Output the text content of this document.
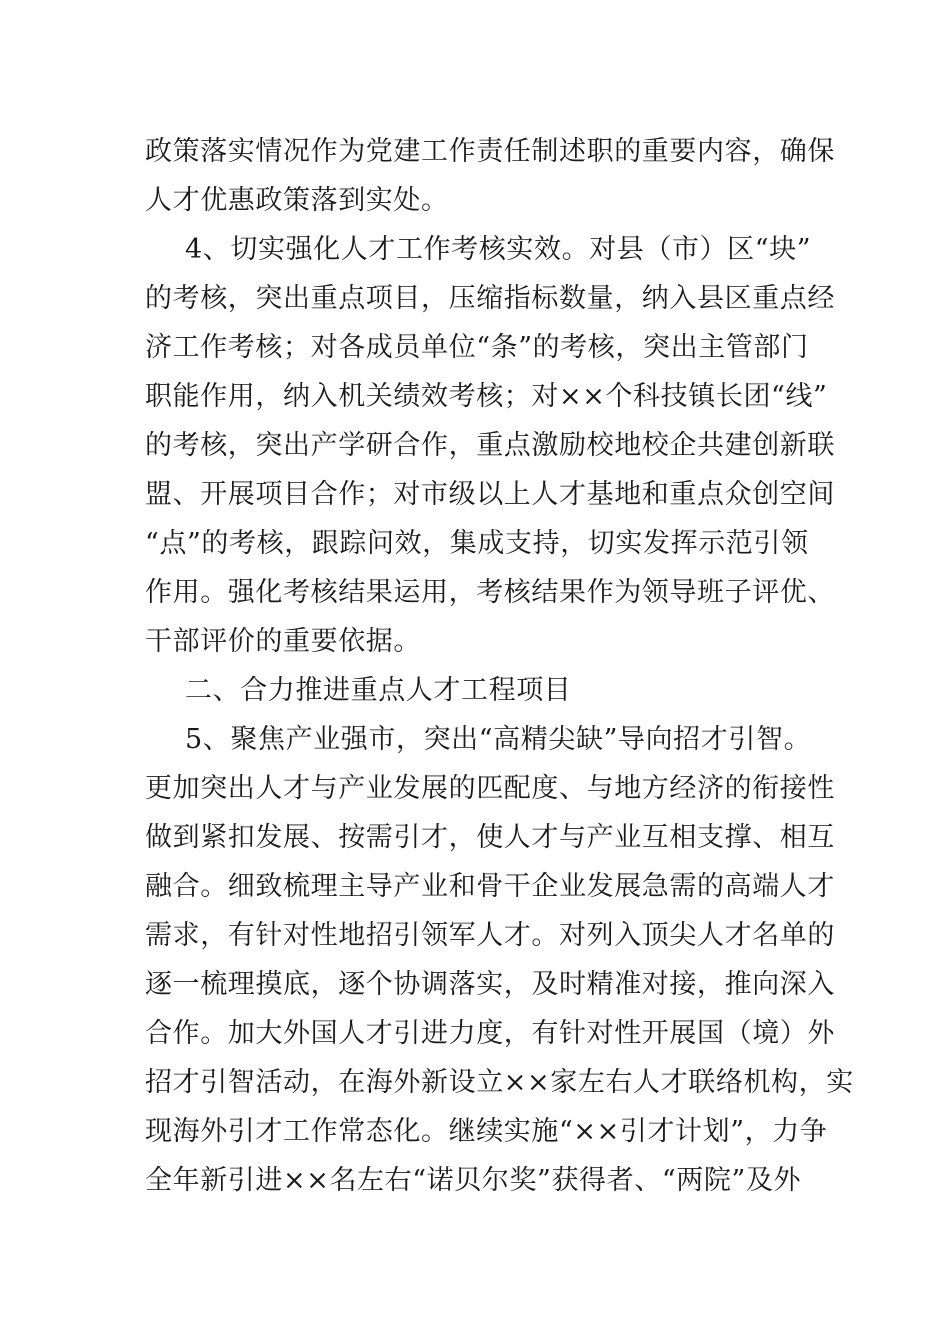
政策落实情况作为党建工作责任制述职的重要内容，确保
人才优惠政策落到实处。
4、切实强化人才工作考核实效。对县（市）区“块”
的考核，突出重点项目，压缩指标数量，纳入县区重点经
济工作考核；对各成员单位“条”的考核，突出主管部门
职能作用，纳入机关绩效考核；对××个科技镇长团“线”
的考核，突出产学研合作，重点激励校地校企共建创新联
盟、开展项目合作；对市级以上人才基地和重点众创空间
“点”的考核，跟踪问效，集成支持，切实发挥示范引领
作用。强化考核结果运用，考核结果作为领导班子评优、
干部评价的重要依据。
二、合力推进重点人才工程项目
5、聚焦产业强市，突出“高精尖缺”导向招才引智。
更加突出人才与产业发展的匹配度、与地方经济的衔接性
做到紧扣发展、按需引才，使人才与产业互相支撑、相互
融合。细致梳理主导产业和骨干企业发展急需的高端人才
需求，有针对性地招引领军人才。对列入顶尖人才名单的
逐一梳理摸底，逐个协调落实，及时精准对接，推向深入
合作。加大外国人才引进力度，有针对性开展国（境）外
招才引智活动，在海外新设立××家左右人才联络机构，实
现海外引才工作常态化。继续实施“××引才计划”，力争
全年新引进××名左右“诺贝尔奖”获得者、“两院”及外
